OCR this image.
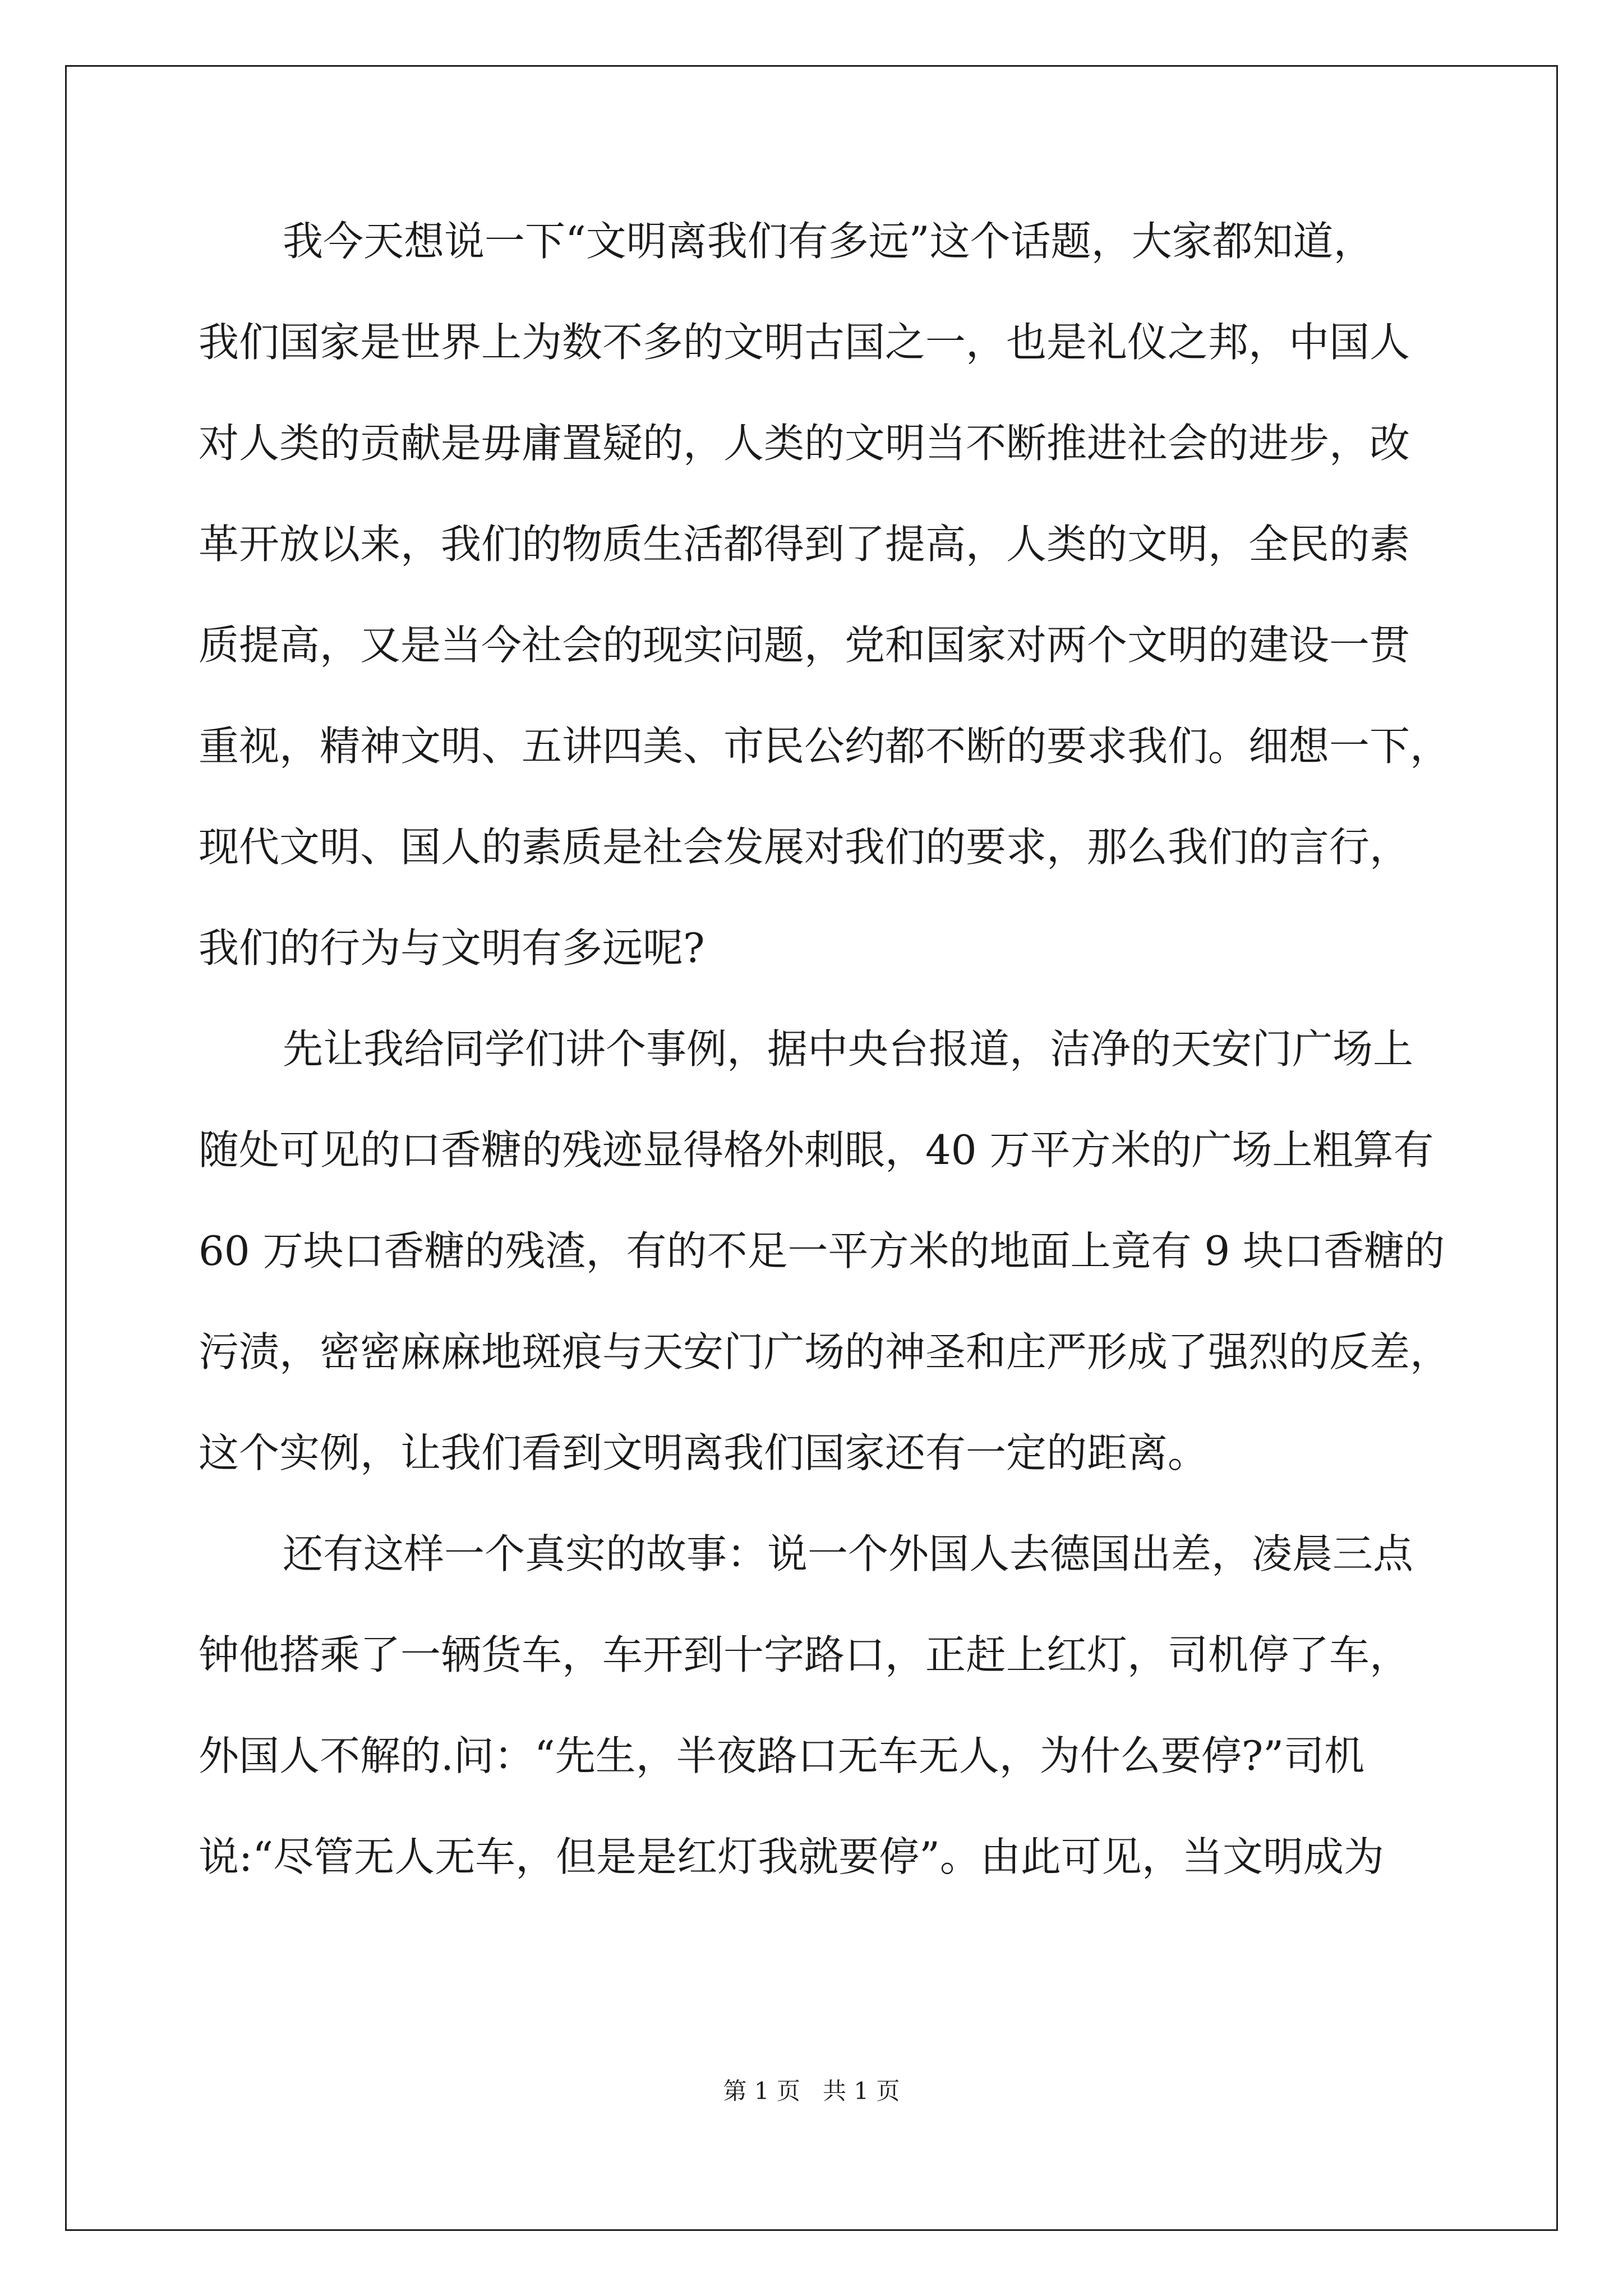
我今天想说一下“文明离我们有多远”这个话题，大家都知道，
我们国家是世界上为数不多的文明古国之一，也是礼仪之邦，中国人
对人类的贡献是毋庸置疑的，人类的文明当不断推进社会的进步，改
革开放以来，我们的物质生活都得到了提高，人类的文明，全民的素
质提高，又是当今社会的现实问题，党和国家对两个文明的建设一贯
重视，精神文明、五讲四美、市民公约都不断的要求我们。细想一下，
现代文明、国人的素质是社会发展对我们的要求，那么我们的言行，
我们的行为与文明有多远呢?
先让我给同学们讲个事例，据中央台报道，洁净的天安门广场上
随处可见的口香糖的残迹显得格外刺眼，40 万平方米的广场上粗算有
60 万块口香糖的残渣，有的不足一平方米的地面上竟有 9 块口香糖的
污渍，密密麻麻地斑痕与天安门广场的神圣和庄严形成了强烈的反差，
这个实例，让我们看到文明离我们国家还有一定的距离。
还有这样一个真实的故事：说一个外国人去德国出差，凌晨三点
钟他搭乘了一辆货车，车开到十字路口，正赶上红灯，司机停了车，
外国人不解的.问：“先生，半夜路口无车无人，为什么要停?”司机
说:“尽管无人无车，但是是红灯我就要停”。由此可见，当文明成为
第 1 页   共 1 页
